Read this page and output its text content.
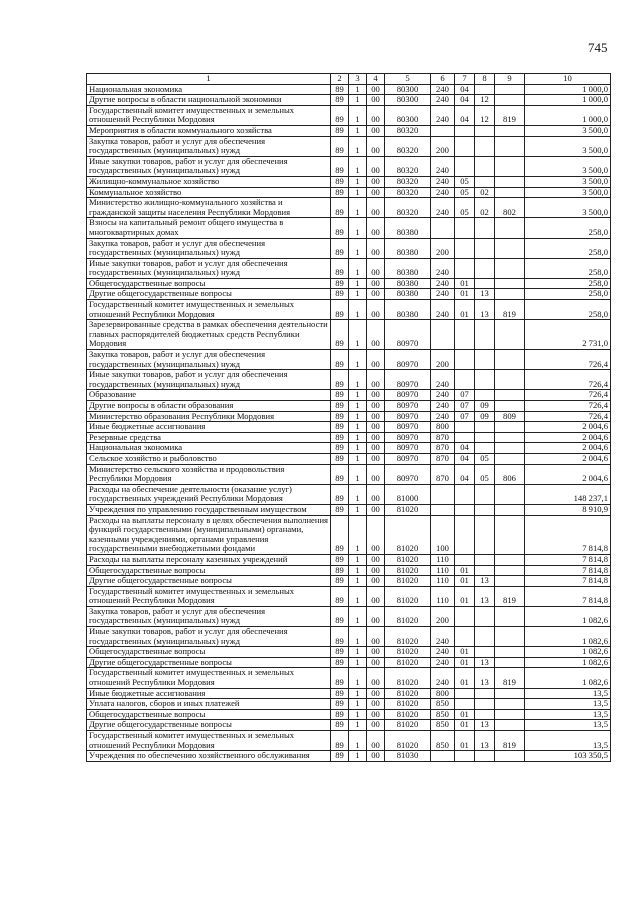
745
1	2	3	4	5	6	7	8	9	10
Национальная экономика	89	1	00	80300	240	04			1 000,0
Другие вопросы в области национальной экономики	89	1	00	80300	240	04	12		1 000,0
Государственный комитет имущественных и земельных отношений Республики Мордовия	89	1	00	80300	240	04	12	819	1 000,0
Мероприятия в области коммунального хозяйства	89	1	00	80320					3 500,0
Закупка товаров, работ и услуг для обеспечения государственных (муниципальных) нужд	89	1	00	80320	200				3 500,0
Иные закупки товаров, работ и услуг для обеспечения государственных (муниципальных) нужд	89	1	00	80320	240				3 500,0
Жилищно-коммунальное хозяйство	89	1	00	80320	240	05			3 500,0
Коммунальное хозяйство	89	1	00	80320	240	05	02		3 500,0
Министерство жилищно-коммунального хозяйства и гражданской защиты населения Республики Мордовия	89	1	00	80320	240	05	02	802	3 500,0
Взносы на капитальный ремонт общего имущества в многоквартирных домах	89	1	00	80380					258,0
Закупка товаров, работ и услуг для обеспечения государственных (муниципальных) нужд	89	1	00	80380	200				258,0
Иные закупки товаров, работ и услуг для обеспечения государственных (муниципальных) нужд	89	1	00	80380	240				258,0
Общегосударственные вопросы	89	1	00	80380	240	01			258,0
Другие общегосударственные вопросы	89	1	00	80380	240	01	13		258,0
Государственный комитет имущественных и земельных отношений Республики Мордовия	89	1	00	80380	240	01	13	819	258,0
Зарезервированные средства в рамках обеспечения деятельности главных распорядителей бюджетных средств Республики Мордовия	89	1	00	80970					2 731,0
Закупка товаров, работ и услуг для обеспечения государственных (муниципальных) нужд	89	1	00	80970	200				726,4
Иные закупки товаров, работ и услуг для обеспечения государственных (муниципальных) нужд	89	1	00	80970	240				726,4
Образование	89	1	00	80970	240	07			726,4
Другие вопросы в области образования	89	1	00	80970	240	07	09		726,4
Министерство образования Республики Мордовия	89	1	00	80970	240	07	09	809	726,4
Иные бюджетные ассигнования	89	1	00	80970	800				2 004,6
Резервные средства	89	1	00	80970	870				2 004,6
Национальная экономика	89	1	00	80970	870	04			2 004,6
Сельское хозяйство и рыболовство	89	1	00	80970	870	04	05		2 004,6
Министерство сельского хозяйства и продовольствия Республики Мордовия	89	1	00	80970	870	04	05	806	2 004,6
Расходы на обеспечение деятельности (оказание услуг) государственных учреждений Республики Мордовия	89	1	00	81000					148 237,1
Учреждения по управлению государственным имуществом	89	1	00	81020					8 910,9
Расходы на выплаты персоналу в целях обеспечения выполнения функций государственными (муниципальными) органами, казенными учреждениями, органами управления государственными внебюджетными фондами	89	1	00	81020	100				7 814,8
Расходы на выплаты персоналу казенных учреждений	89	1	00	81020	110				7 814,8
Общегосударственные вопросы	89	1	00	81020	110	01			7 814,8
Другие общегосударственные вопросы	89	1	00	81020	110	01	13		7 814,8
Государственный комитет имущественных и земельных отношений Республики Мордовия	89	1	00	81020	110	01	13	819	7 814,8
Закупка товаров, работ и услуг для обеспечения государственных (муниципальных) нужд	89	1	00	81020	200				1 082,6
Иные закупки товаров, работ и услуг для обеспечения государственных (муниципальных) нужд	89	1	00	81020	240				1 082,6
Общегосударственные вопросы	89	1	00	81020	240	01			1 082,6
Другие общегосударственные вопросы	89	1	00	81020	240	01	13		1 082,6
Государственный комитет имущественных и земельных отношений Республики Мордовия	89	1	00	81020	240	01	13	819	1 082,6
Иные бюджетные ассигнования	89	1	00	81020	800				13,5
Уплата налогов, сборов и иных платежей	89	1	00	81020	850				13,5
Общегосударственные вопросы	89	1	00	81020	850	01			13,5
Другие общегосударственные вопросы	89	1	00	81020	850	01	13		13,5
Государственный комитет имущественных и земельных отношений Республики Мордовия	89	1	00	81020	850	01	13	819	13,5
Учреждения по обеспечению хозяйственного обслуживания	89	1	00	81030					103 350,5
